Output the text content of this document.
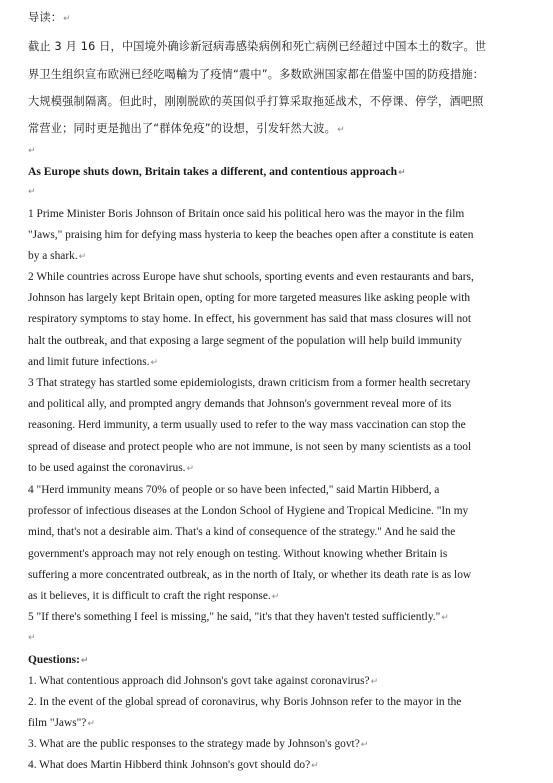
导读：↵
截止 3 月 16 日，中国境外确诊新冠病毒感染病例和死亡病例已经超过中国本土的数字。世
界卫生组织宣布欧洲已经吃喝輸为了疫情“震中”。多数欧洲国家都在借鉴中国的防疫措施：
大规模强制隔离。但此时，刚刚脱欧的英国似乎打算采取拖延战术，不停课、停学，酒吧照
常营业；同时更是抛出了“群体免疫”的设想，引发轩然大波。↵
↵
As Europe shuts down, Britain takes a different, and contentious approach↵
↵
1 Prime Minister Boris Johnson of Britain once said his political hero was the mayor in the film
"Jaws," praising him for defying mass hysteria to keep the beaches open after a constitute is eaten
by a shark.↵
2 While countries across Europe have shut schools, sporting events and even restaurants and bars,
Johnson has largely kept Britain open, opting for more targeted measures like asking people with
respiratory symptoms to stay home. In effect, his government has said that mass closures will not
halt the outbreak, and that exposing a large segment of the population will help build immunity
and limit future infections.↵
3 That strategy has startled some epidemiologists, drawn criticism from a former health secretary
and political ally, and prompted angry demands that Johnson's government reveal more of its
reasoning. Herd immunity, a term usually used to refer to the way mass vaccination can stop the
spread of disease and protect people who are not immune, is not seen by many scientists as a tool
to be used against the coronavirus.↵
4 "Herd immunity means 70% of people or so have been infected," said Martin Hibberd, a
professor of infectious diseases at the London School of Hygiene and Tropical Medicine. "In my
mind, that's not a desirable aim. That's a kind of consequence of the strategy." And he said the
government's approach may not rely enough on testing. Without knowing whether Britain is
suffering a more concentrated outbreak, as in the north of Italy, or whether its death rate is as low
as it believes, it is difficult to craft the right response.↵
5 "If there's something I feel is missing," he said, "it's that they haven't tested sufficiently."↵
↵
Questions:↵
1. What contentious approach did Johnson's govt take against coronavirus?↵
2. In the event of the global spread of coronavirus, why Boris Johnson refer to the mayor in the
film "Jaws"?↵
3. What are the public responses to the strategy made by Johnson's govt?↵
4. What does Martin Hibberd think Johnson's govt should do?↵
